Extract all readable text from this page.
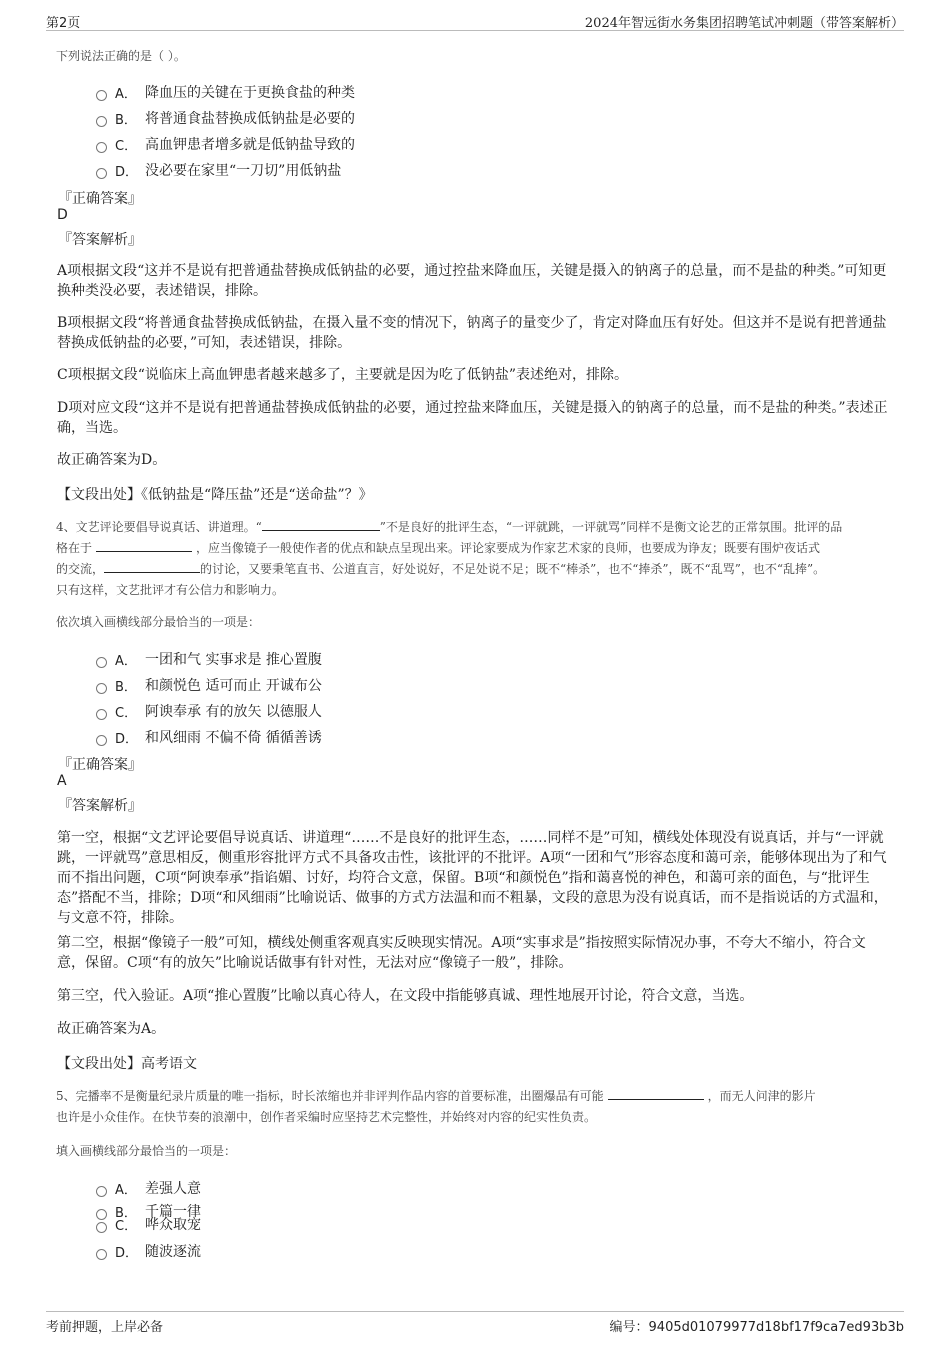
第2页	2024年智远街水务集团招聘笔试冲刺题（带答案解析）
下列说法正确的是（ ）。
A． 降血压的关键在于更换食盐的种类
B． 将普通食盐替换成低钠盐是必要的
C． 高血钾患者增多就是低钠盐导致的
D． 没必要在家里“一刀切”用低钠盐
『正确答案』
D
『答案解析』
A项根据文段“这并不是说有把普通盐替换成低钠盐的必要，通过控盐来降血压，关键是摄入的钠离子的总量，而不是盐的种类。”可知更换种类没必要，表述错误，排除。
B项根据文段“将普通食盐替换成低钠盐，在摄入量不变的情况下，钠离子的量变少了，肯定对降血压有好处。但这并不是说有把普通盐替换成低钠盐的必要，”可知，表述错误，排除。
C项根据文段“说临床上高血钾患者越来越多了，主要就是因为吃了低钠盐”表述绝对，排除。
D项对应文段“这并不是说有把普通盐替换成低钠盐的必要，通过控盐来降血压，关键是摄入的钠离子的总量，而不是盐的种类。”表述正确，当选。
故正确答案为D。
【文段出处】《低钠盐是“降压盐”还是“送命盐”？》
4、文艺评论要倡导说真话、讲道理。“	”不是良好的批评生态，“一评就跳，一评就骂”同样不是衡文论艺的正常氛围。批评的品
格在于	，应当像镜子一般使作者的优点和缺点呈现出来。评论家要成为作家艺术家的良师，也要成为诤友；既要有围炉夜话式
的交流，	的讨论，又要秉笔直书、公道直言，好处说好，不足处说不足；既不“棒杀”，也不“捧杀”，既不“乱骂”，也不“乱捧”。
只有这样，文艺批评才有公信力和影响力。
依次填入画横线部分最恰当的一项是：
A． 一团和气 实事求是 推心置腹
B． 和颜悦色 适可而止 开诚布公
C． 阿谀奉承 有的放矢 以德服人
D． 和风细雨 不偏不倚 循循善诱
『正确答案』
A
『答案解析』
第一空，根据“文艺评论要倡导说真话、讲道理“……不是良好的批评生态，……同样不是”可知，横线处体现没有说真话，并与“一评就跳，一评就骂”意思相反，侧重形容批评方式不具备攻击性，该批评的不批评。A项“一团和气”形容态度和蔼可亲，能够体现出为了和气而不指出问题，C项“阿谀奉承”指谄媚、讨好，均符合文意，保留。B项“和颜悦色”指和蔼喜悦的神色，和蔼可亲的面色，与“批评生态”搭配不当，排除；D项“和风细雨”比喻说话、做事的方式方法温和而不粗暴，文段的意思为没有说真话，而不是指说话的方式温和，与文意不符，排除。
第二空，根据“像镜子一般”可知，横线处侧重客观真实反映现实情况。A项“实事求是”指按照实际情况办事，不夸大不缩小，符合文意，保留。C项“有的放矢”比喻说话做事有针对性，无法对应“像镜子一般”，排除。
第三空，代入验证。A项“推心置腹”比喻以真心待人，在文段中指能够真诚、理性地展开讨论，符合文意，当选。
故正确答案为A。
【文段出处】高考语文
5、完播率不是衡量纪录片质量的唯一指标，时长浓缩也并非评判作品内容的首要标准，出圈爆品有可能	，而无人问津的影片
也许是小众佳作。在快节奏的浪潮中，创作者采编时应坚持艺术完整性，并始终对内容的纪实性负责。
填入画横线部分最恰当的一项是：
A． 差强人意
B． 千篇一律
C． 哗众取宠
D． 随波逐流
考前押题，上岸必备	编号：9405d01079977d18bf17f9ca7ed93b3b
